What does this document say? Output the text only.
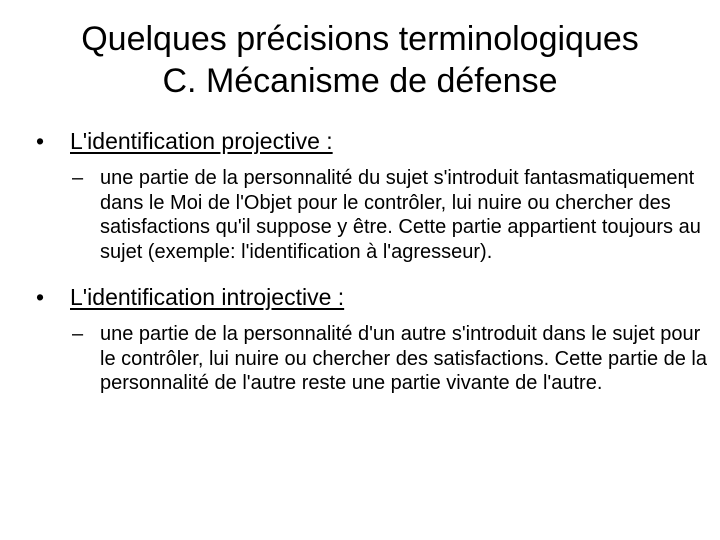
Quelques précisions terminologiques
C. Mécanisme de défense
•	L'identification projective :
– une partie de la personnalité du sujet s'introduit fantasmatiquement dans le Moi de l'Objet pour le contrôler, lui nuire ou chercher des satisfactions qu'il suppose y être. Cette partie appartient toujours au sujet (exemple: l'identification à l'agresseur).
•	L'identification introjective :
– une partie de la personnalité d'un autre s'introduit dans le sujet pour le contrôler, lui nuire ou chercher des satisfactions. Cette partie de la personnalité de l'autre reste une partie vivante de l'autre.
